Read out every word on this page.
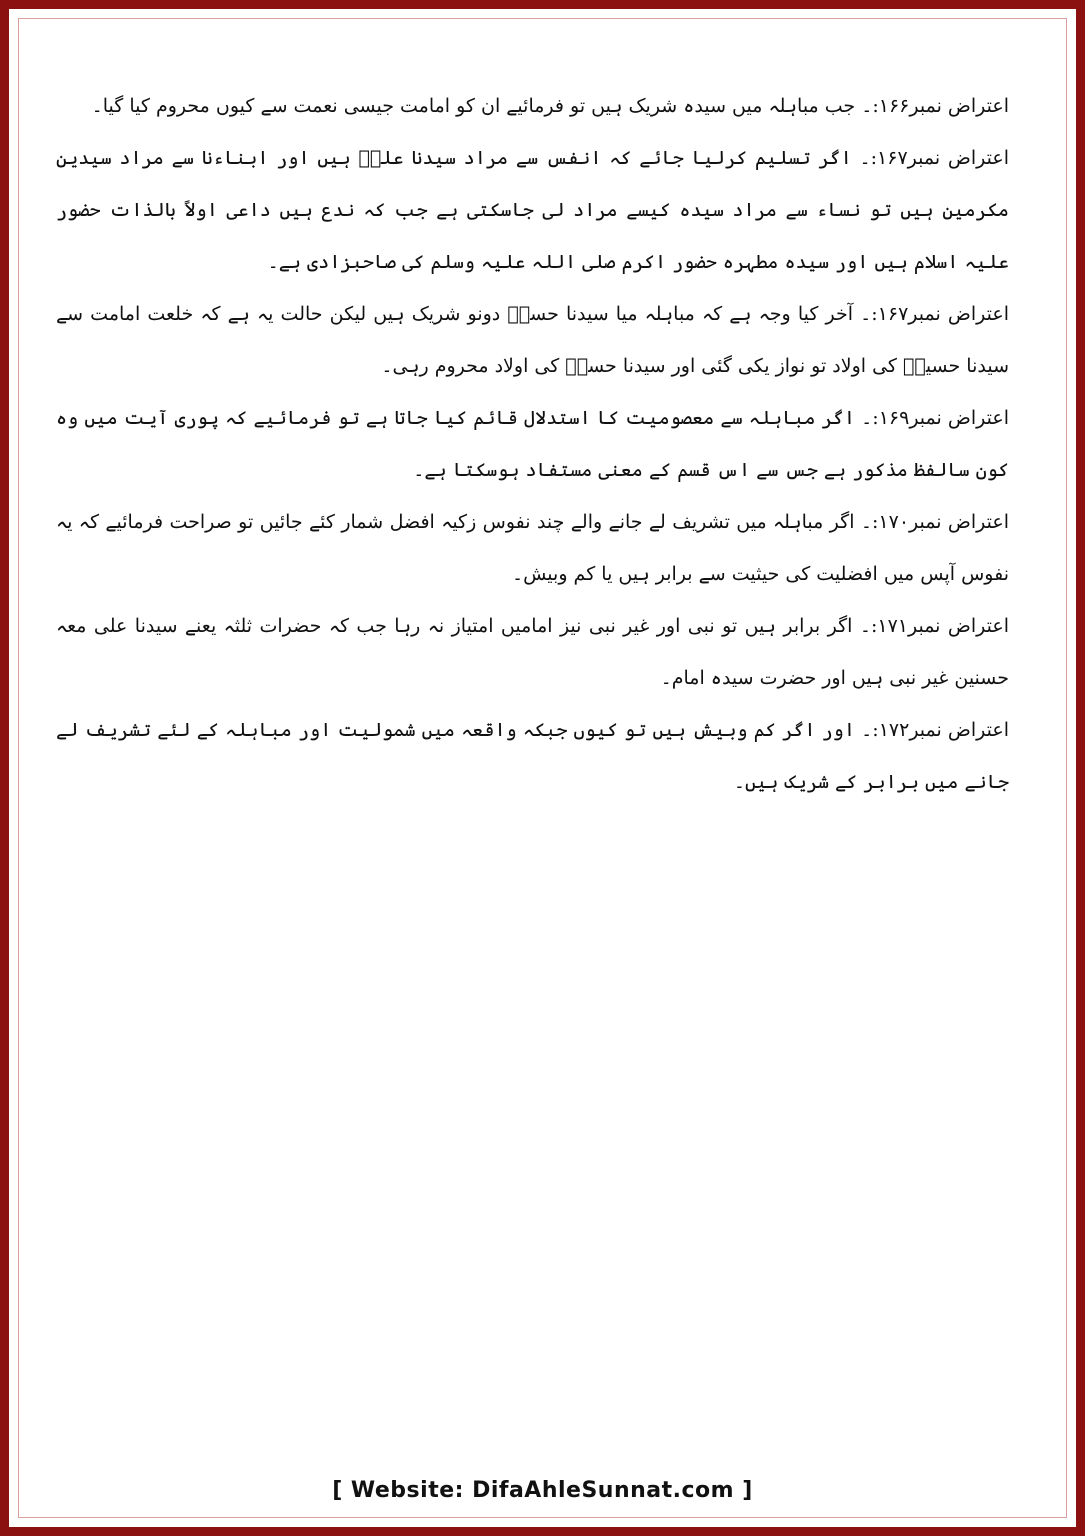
اعتراض نمبر۱۶۶:۔ جب مباہلہ میں سیدہ شریک ہیں تو فرمائیے ان کو امامت جیسی نعمت سے کیوں محروم کیا گیا۔

اعتراض نمبر۱۶۷:۔ اگر تسلیم کرلیا جائے کہ انفس سے مراد سیدنا علیؓ ہیں اور ابناءنا سے مراد سیدین مکرمین ہیں تو نساء سے مراد سیدہ کیسے مراد لی جاسکتی ہے جب کہ ندع ہیں داعی اولاً بالذات حضور علیہ اسلام ہیں اور سیدہ مطہرہ حضور اکرم صلی اللہ علیہ وسلم کی صاحبزادی ہے۔

اعتراض نمبر۱۶۷:۔ آخر کیا وجہ ہے کہ مباہلہ میا￼ سیدنا حسنؓ دونو شریک ہیں لیکن حالت یہ ہے کہ خلعت امامت سے سیدنا حسینؓ کی اولاد تو نواز یکی گئی اور سیدنا حسنؓ کی اولاد محروم رہی۔

اعتراض نمبر۱۶۹:۔ اگر مباہلہ سے معصومیت کا استدلال قائم کیا جاتا ہے تو فرمائیے کہ پوری آیت میں وہ کون سالفظ مذکور ہے جس سے اس قسم کے معنی مستفاد ہوسکتا ہے۔

اعتراض نمبر۱۷۰:۔ اگر مباہلہ میں تشریف لے جانے والے چند نفوس زکیہ افضل شمار کئے جائیں تو صراحت فرمائیے کہ یہ نفوس آپس میں افضلیت کی حیثیت سے برابر ہیں یا کم وبیش۔

اعتراض نمبر۱۷۱:۔ اگر برابر ہیں تو نبی اور غیر نبی نیز امامیں امتیاز نہ رہا جب کہ حضرات ثلثہ یعنے سیدنا علی معہ حسنین غیر نبی ہیں اور حضرت سیدہ امام۔

اعتراض نمبر۱۷۲:۔ اور اگر کم وبیش ہیں تو کیوں جبکہ واقعہ میں شمولیت اور مباہلہ کے لئے تشریف لے جانے میں برابر کے شریک ہیں۔

[ Website: DifaAhleSunnat.com ]
